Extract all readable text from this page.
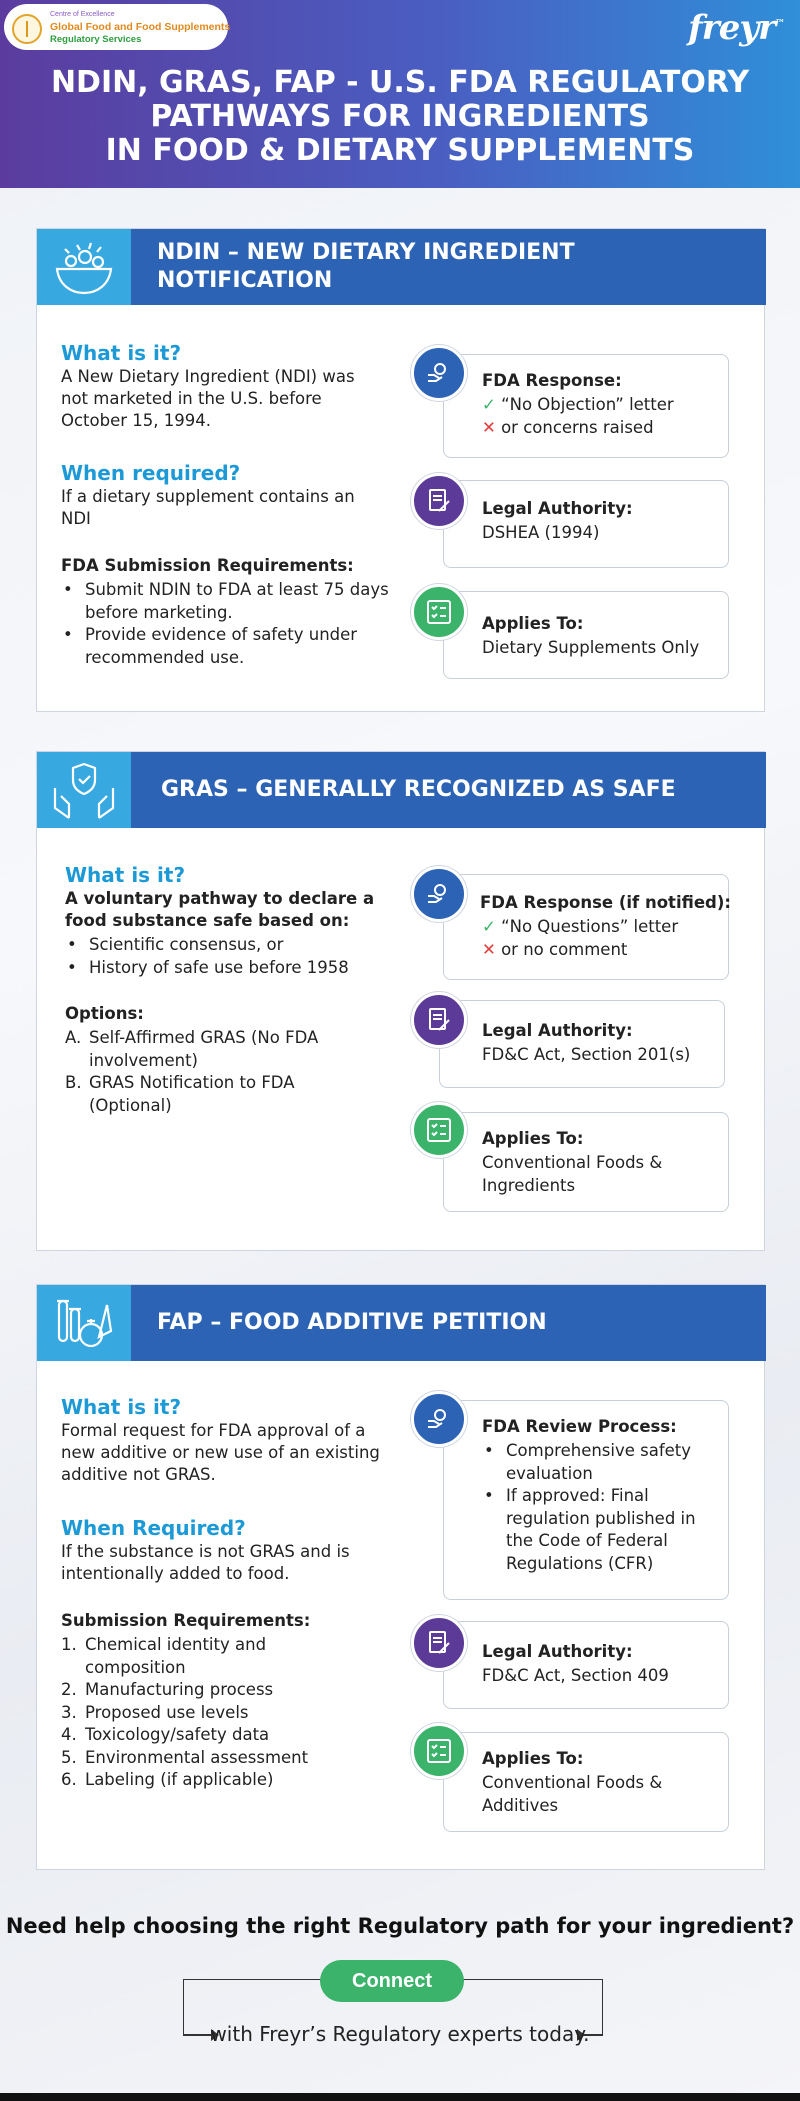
Centre of Excellence
Global Food and Food Supplements
Regulatory Services	freyr™
NDIN, GRAS, FAP - U.S. FDA REGULATORY
PATHWAYS FOR INGREDIENTS
IN FOOD & DIETARY SUPPLEMENTS
NDIN – NEW DIETARY INGREDIENT NOTIFICATION
What is it?
A New Dietary Ingredient (NDI) was not marketed in the U.S. before October 15, 1994.
When required?
If a dietary supplement contains an NDI
FDA Submission Requirements:
• Submit NDIN to FDA at least 75 days before marketing.
• Provide evidence of safety under recommended use.
FDA Response:
✓ “No Objection” letter
✕ or concerns raised
Legal Authority:
DSHEA (1994)
Applies To:
Dietary Supplements Only
GRAS – GENERALLY RECOGNIZED AS SAFE
What is it?
A voluntary pathway to declare a food substance safe based on:
• Scientific consensus, or
• History of safe use before 1958
Options:
A. Self-Affirmed GRAS (No FDA involvement)
B. GRAS Notification to FDA (Optional)
FDA Response (if notified):
✓ “No Questions” letter
✕ or no comment
Legal Authority:
FD&C Act, Section 201(s)
Applies To:
Conventional Foods & Ingredients
FAP – FOOD ADDITIVE PETITION
What is it?
Formal request for FDA approval of a new additive or new use of an existing additive not GRAS.
When Required?
If the substance is not GRAS and is intentionally added to food.
Submission Requirements:
1. Chemical identity and composition
2. Manufacturing process
3. Proposed use levels
4. Toxicology/safety data
5. Environmental assessment
6. Labeling (if applicable)
FDA Review Process:
• Comprehensive safety evaluation
• If approved: Final regulation published in the Code of Federal Regulations (CFR)
Legal Authority:
FD&C Act, Section 409
Applies To:
Conventional Foods & Additives
Need help choosing the right Regulatory path for your ingredient?
Connect
with Freyr’s Regulatory experts today.
